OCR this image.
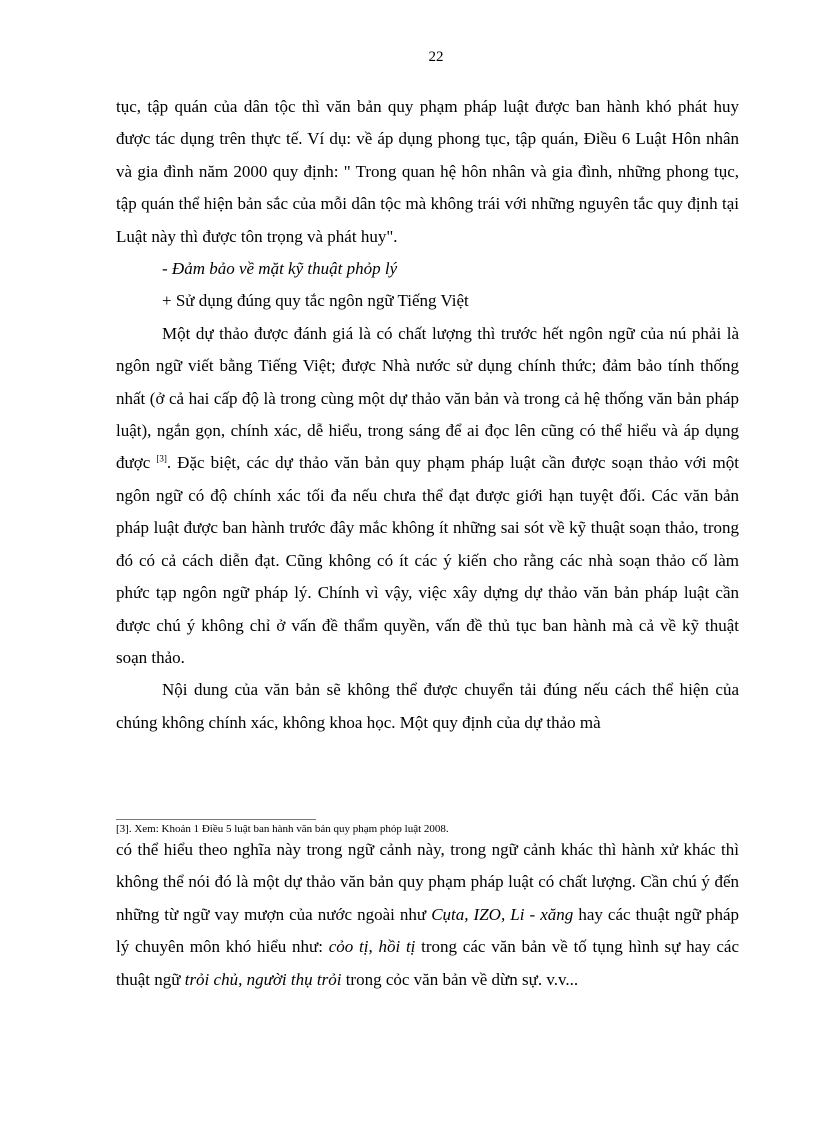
22

tục, tập quán của dân tộc thì văn bản quy phạm pháp luật được ban hành khó phát huy được tác dụng trên thực tế. Ví dụ: về áp dụng phong tục, tập quán, Điều 6 Luật Hôn nhân và gia đình năm 2000 quy định: " Trong quan hệ hôn nhân và gia đình, những phong tục, tập quán thể hiện bản sắc của mỗi dân tộc mà không trái với những nguyên tắc quy định tại Luật này thì được tôn trọng và phát huy".

- Đảm bảo về mặt kỹ thuật phỏp lý

+ Sử dụng đúng quy tắc ngôn ngữ Tiếng Việt

Một dự thảo được đánh giá là có chất lượng thì trước hết ngôn ngữ của nú phải là ngôn ngữ viết bằng Tiếng Việt; được Nhà nước sử dụng chính thức; đảm bảo tính thống nhất (ở cả hai cấp độ là trong cùng một dự thảo văn bản và trong cả hệ thống văn bản pháp luật), ngắn gọn, chính xác, dễ hiểu, trong sáng để ai đọc lên cũng có thể hiểu và áp dụng được [3]. Đặc biệt, các dự thảo văn bản quy phạm pháp luật cần được soạn thảo với một ngôn ngữ có độ chính xác tối đa nếu chưa thể đạt được giới hạn tuyệt đối. Các văn bản pháp luật được ban hành trước đây mắc không ít những sai sót về kỹ thuật soạn thảo, trong đó có cả cách diễn đạt. Cũng không có ít các ý kiến cho rằng các nhà soạn thảo cố làm phức tạp ngôn ngữ pháp lý. Chính vì vậy, việc xây dựng dự thảo văn bản pháp luật cần được chú ý không chỉ ở vấn đề thẩm quyền, vấn đề thủ tục ban hành mà cả về kỹ thuật soạn thảo.

Nội dung của văn bản sẽ không thể được chuyển tải đúng nếu cách thể hiện của chúng không chính xác, không khoa học. Một quy định của dự thảo mà

[3]. Xem: Khoản 1 Điều 5 luật ban hành văn bản quy phạm phỏp luật 2008.

có thể hiểu theo nghĩa này trong ngữ cảnh này, trong ngữ cảnh khác thì hành xử khác thì không thể nói đó là một dự thảo văn bản quy phạm pháp luật có chất lượng. Cần chú ý đến những từ ngữ vay mượn của nước ngoài như Cụta, IZO, Li - xăng hay các thuật ngữ pháp lý chuyên môn khó hiểu như: cỏo tị, hồi tị trong các văn bản về tố tụng hình sự hay các thuật ngữ trỏi chủ, người thụ trỏi trong cỏc văn bản về dừn sự. v.v...
